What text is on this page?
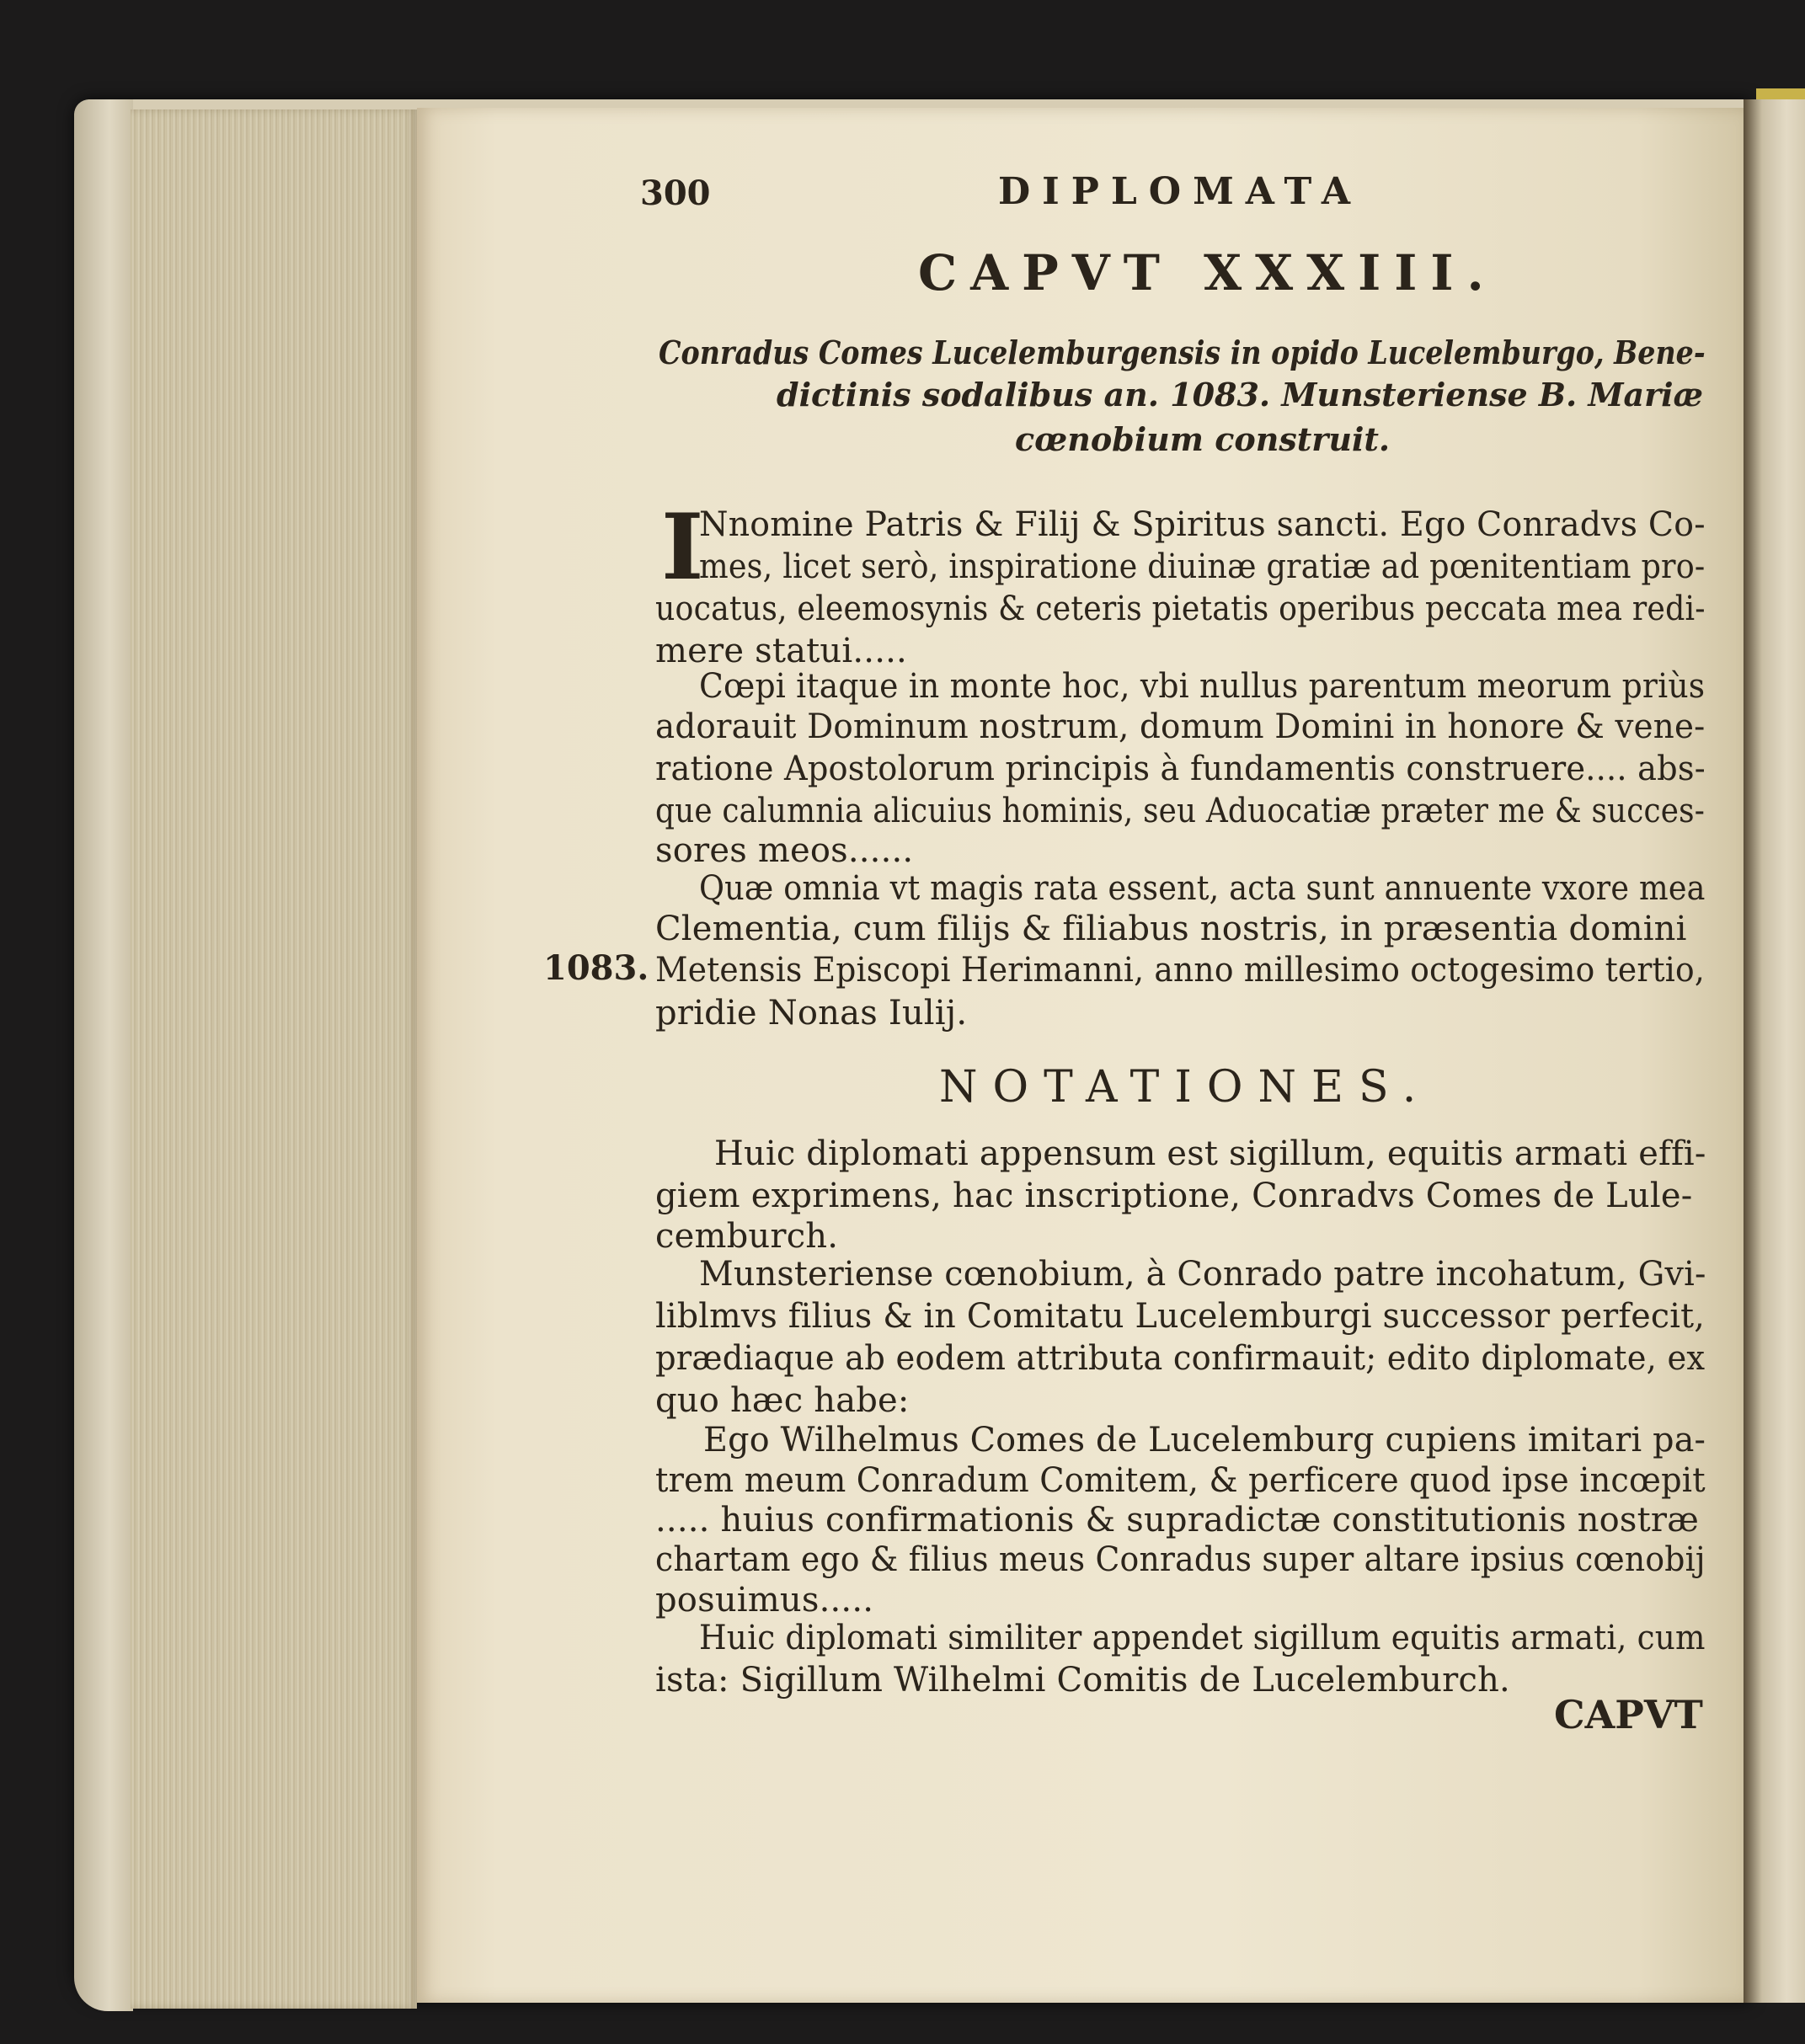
300	DIPLOMATA
CAPVT XXXIII.
Conradus Comes Lucelemburgensis in opido Lucelemburgo, Bene-
dictinis sodalibus an. 1083. Munsteriense B. Mariæ
cœnobium construit.
I
Nnomine Patris & Filij & Spiritus sancti. Ego Conradvs Co-
mes, licet serò, inspiratione diuinæ gratiæ ad pœnitentiam pro-
uocatus, eleemosynis & ceteris pietatis operibus peccata mea redi-
mere statui.....
Cœpi itaque in monte hoc, vbi nullus parentum meorum priùs
adorauit Dominum nostrum, domum Domini in honore & vene-
ratione Apostolorum principis à fundamentis construere.... abs-
que calumnia alicuius hominis, seu Aduocatiæ præter me & succes-
sores meos......
Quæ omnia vt magis rata essent, acta sunt annuente vxore mea
Clementia, cum filijs & filiabus nostris, in præsentia domini
Metensis Episcopi Herimanni, anno millesimo octogesimo tertio,
pridie Nonas Iulij.
1083.
NOTATIONES.
Huic diplomati appensum est sigillum, equitis armati effi-
giem exprimens, hac inscriptione, Conradvs Comes de Lule-
cemburch.
Munsteriense cœnobium, à Conrado patre incohatum, Gvi-
liblmvs filius & in Comitatu Lucelemburgi successor perfecit,
prædiaque ab eodem attributa confirmauit; edito diplomate, ex
quo hæc habe:
Ego Wilhelmus Comes de Lucelemburg cupiens imitari pa-
trem meum Conradum Comitem, & perficere quod ipse incœpit
..... huius confirmationis & supradictæ constitutionis nostræ
chartam ego & filius meus Conradus super altare ipsius cœnobij
posuimus.....
Huic diplomati similiter appendet sigillum equitis armati, cum
ista: Sigillum Wilhelmi Comitis de Lucelemburch.
CAPVT
